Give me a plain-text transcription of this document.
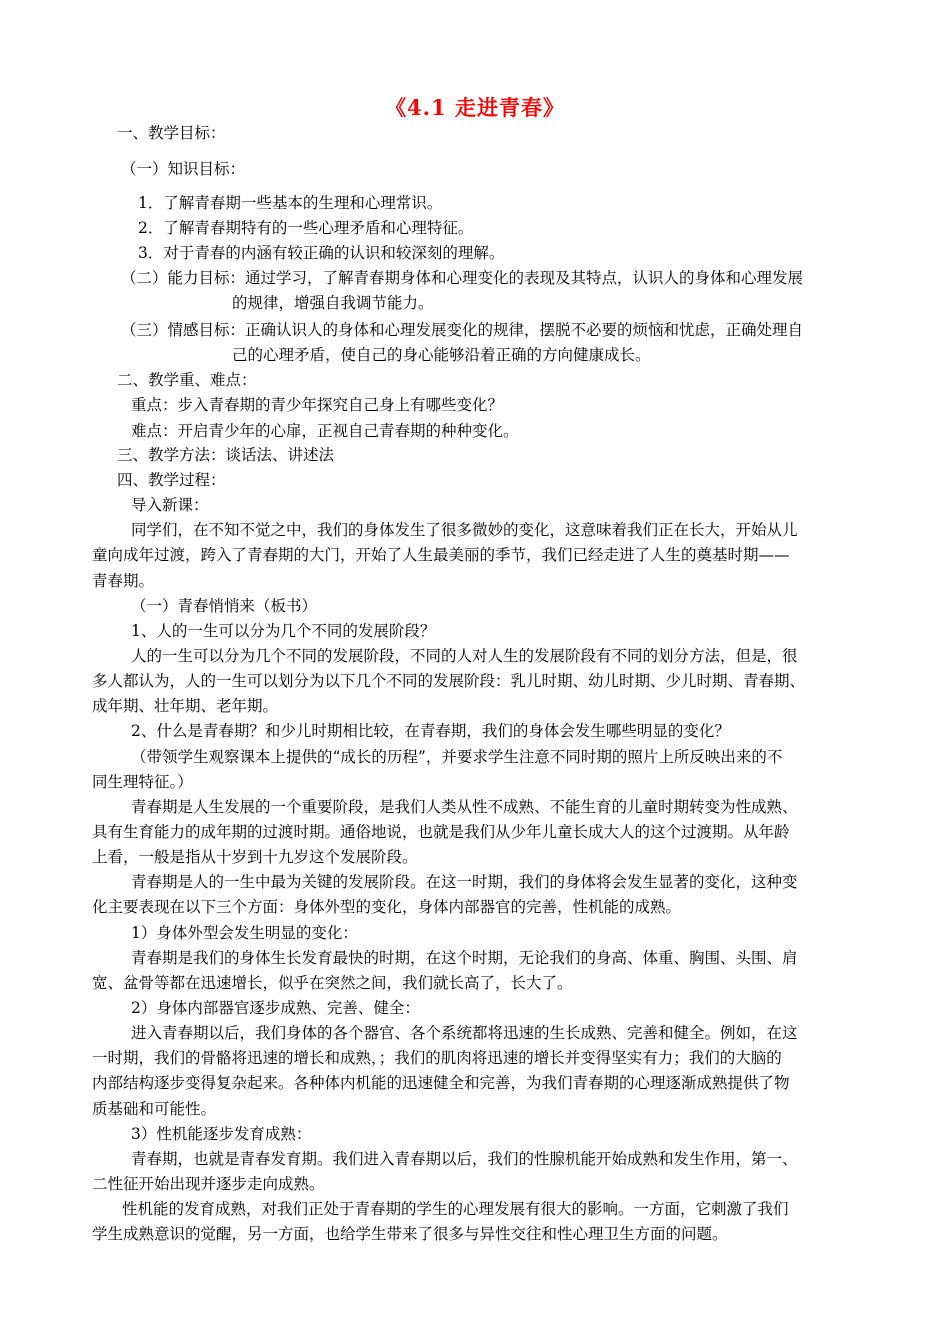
《4.1 走进青春》
一、教学目标：
（一）知识目标：
1．了解青春期一些基本的生理和心理常识。
2．了解青春期特有的一些心理矛盾和心理特征。
3．对于青春的内涵有较正确的认识和较深刻的理解。
（二）能力目标：通过学习，了解青春期身体和心理变化的表现及其特点，认识人的身体和心理发展
的规律，增强自我调节能力。
（三）情感目标：正确认识人的身体和心理发展变化的规律，摆脱不必要的烦恼和忧虑，正确处理自
己的心理矛盾，使自己的身心能够沿着正确的方向健康成长。
二、教学重、难点：
重点：步入青春期的青少年探究自己身上有哪些变化？
难点：开启青少年的心扉，正视自己青春期的种种变化。
三、教学方法：谈话法、讲述法
四、教学过程：
导入新课：
同学们，在不知不觉之中，我们的身体发生了很多微妙的变化，这意味着我们正在长大，开始从儿
童向成年过渡，跨入了青春期的大门，开始了人生最美丽的季节，我们已经走进了人生的奠基时期——
青春期。
（一）青春悄悄来（板书）
1、人的一生可以分为几个不同的发展阶段？
人的一生可以分为几个不同的发展阶段，不同的人对人生的发展阶段有不同的划分方法，但是，很
多人都认为，人的一生可以划分为以下几个不同的发展阶段：乳儿时期、幼儿时期、少儿时期、青春期、
成年期、壮年期、老年期。
2、什么是青春期？和少儿时期相比较，在青春期，我们的身体会发生哪些明显的变化？
（带领学生观察课本上提供的“成长的历程”，并要求学生注意不同时期的照片上所反映出来的不
同生理特征。）
青春期是人生发展的一个重要阶段，是我们人类从性不成熟、不能生育的儿童时期转变为性成熟、
具有生育能力的成年期的过渡时期。通俗地说，也就是我们从少年儿童长成大人的这个过渡期。从年龄
上看，一般是指从十岁到十九岁这个发展阶段。
青春期是人的一生中最为关键的发展阶段。在这一时期，我们的身体将会发生显著的变化，这种变
化主要表现在以下三个方面：身体外型的变化，身体内部器官的完善，性机能的成熟。
1）身体外型会发生明显的变化：
青春期是我们的身体生长发育最快的时期，在这个时期，无论我们的身高、体重、胸围、头围、肩
宽、盆骨等都在迅速增长，似乎在突然之间，我们就长高了，长大了。
2）身体内部器官逐步成熟、完善、健全：
进入青春期以后，我们身体的各个器官、各个系统都将迅速的生长成熟、完善和健全。例如，在这
一时期，我们的骨骼将迅速的增长和成熟，；我们的肌肉将迅速的增长并变得坚实有力；我们的大脑的
内部结构逐步变得复杂起来。各种体内机能的迅速健全和完善，为我们青春期的心理逐渐成熟提供了物
质基础和可能性。
3）性机能逐步发育成熟：
青春期，也就是青春发育期。我们进入青春期以后，我们的性腺机能开始成熟和发生作用，第一、
二性征开始出现并逐步走向成熟。
性机能的发育成熟，对我们正处于青春期的学生的心理发展有很大的影响。一方面，它刺激了我们
学生成熟意识的觉醒，另一方面，也给学生带来了很多与异性交往和性心理卫生方面的问题。
